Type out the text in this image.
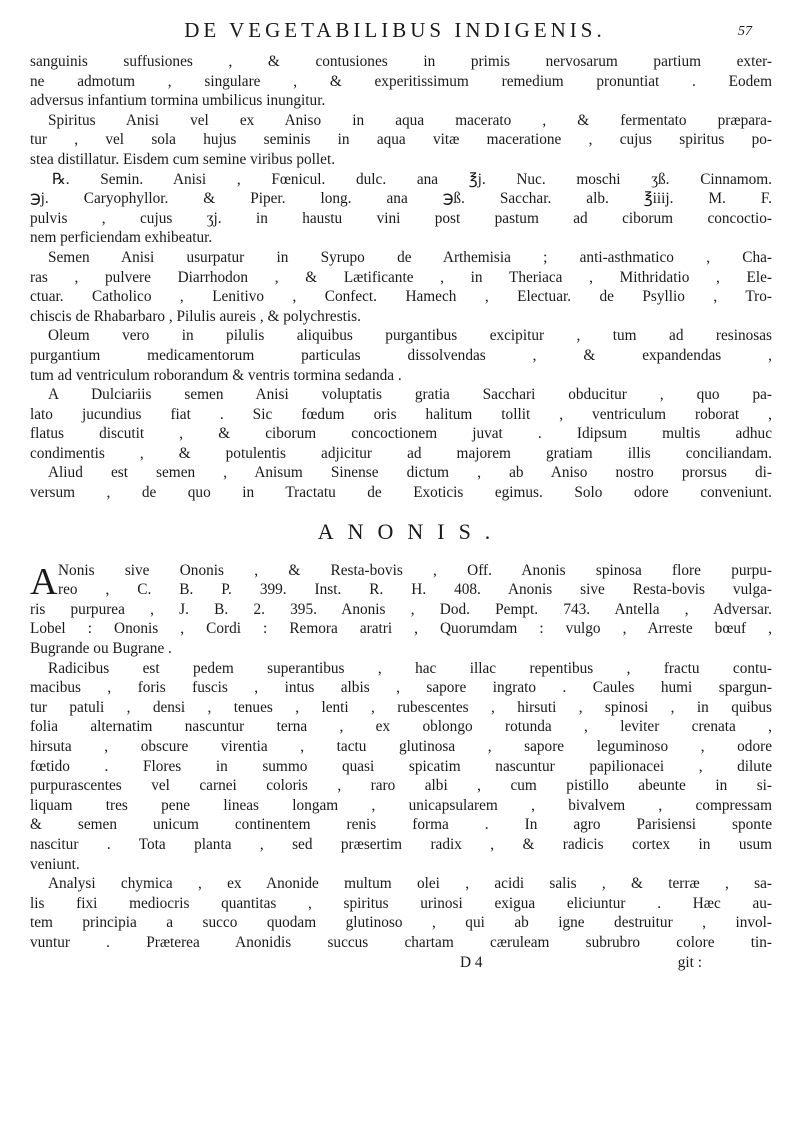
DE VEGETABILIBUS INDIGENIS.	57
sanguinis suffusiones , & contusiones in primis nervosarum partium exter-
ne admotum , singulare , & experitissimum remedium pronuntiat . Eodem
adversus infantium tormina umbilicus inungitur.
Spiritus Anisi vel ex Aniso in aqua macerato , & fermentato præpara-
tur , vel sola hujus seminis in aqua vitæ maceratione , cujus spiritus po-
stea distillatur. Eisdem cum semine viribus pollet.
℞. Semin. Anisi , Fœnicul. dulc. ana ℥j. Nuc. moschi ʒß. Cinnamom.
℈j. Caryophyllor. & Piper. long. ana ℈ß. Sacchar. alb. ℥iiij. M. F.
pulvis , cujus ʒj. in haustu vini post pastum ad ciborum concoctio-
nem perficiendam exhibeatur.
Semen Anisi usurpatur in Syrupo de Arthemisia ; anti-asthmatico , Cha-
ras , pulvere Diarrhodon , & Lætificante , in Theriaca , Mithridatio , Ele-
ctuar. Catholico , Lenitivo , Confect. Hamech , Electuar. de Psyllio , Tro-
chiscis de Rhabarbaro , Pilulis aureis , & polychrestis.
Oleum vero in pilulis aliquibus purgantibus excipitur , tum ad resinosas
purgantium medicamentorum particulas dissolvendas , & expandendas ,
tum ad ventriculum roborandum & ventris tormina sedanda .
A Dulciariis semen Anisi voluptatis gratia Sacchari obducitur , quo pa-
lato jucundius fiat . Sic fœdum oris halitum tollit , ventriculum roborat ,
flatus discutit , & ciborum concoctionem juvat . Idipsum multis adhuc
condimentis , & potulentis adjicitur ad majorem gratiam illis conciliandam.
Aliud est semen , Anisum Sinense dictum , ab Aniso nostro prorsus di-
versum , de quo in Tractatu de Exoticis egimus. Solo odore conveniunt.
ANONIS.
A Nonis sive Ononis , & Resta-bovis , Off. Anonis spinosa flore purpu-
reo , C. B. P. 399. Inst. R. H. 408. Anonis sive Resta-bovis vulga-
ris purpurea , J. B. 2. 395. Anonis , Dod. Pempt. 743. Antella , Adversar.
Lobel : Ononis , Cordi : Remora aratri , Quorumdam : vulgo , Arreste bœuf ,
Bugrande ou Bugrane .
Radicibus est pedem superantibus , hac illac repentibus , fractu contu-
macibus , foris fuscis , intus albis , sapore ingrato . Caules humi spargun-
tur patuli , densi , tenues , lenti , rubescentes , hirsuti , spinosi , in quibus
folia alternatim nascuntur terna , ex oblongo rotunda , leviter crenata ,
hirsuta , obscure virentia , tactu glutinosa , sapore leguminoso , odore
fœtido . Flores in summo quasi spicatim nascuntur papilionacei , dilute
purpurascentes vel carnei coloris , raro albi , cum pistillo abeunte in si-
liquam tres pene lineas longam , unicapsularem , bivalvem , compressam
& semen unicum continentem renis forma . In agro Parisiensi sponte
nascitur . Tota planta , sed præsertim radix , & radicis cortex in usum
veniunt.
Analysi chymica , ex Anonide multum olei , acidi salis , & terræ , sa-
lis fixi mediocris quantitas , spiritus urinosi exigua eliciuntur . Hæc au-
tem principia a succo quodam glutinoso , qui ab igne destruitur , invol-
vuntur . Præterea Anonidis succus chartam cæruleam subrubro colore tin-
D 4	git :
